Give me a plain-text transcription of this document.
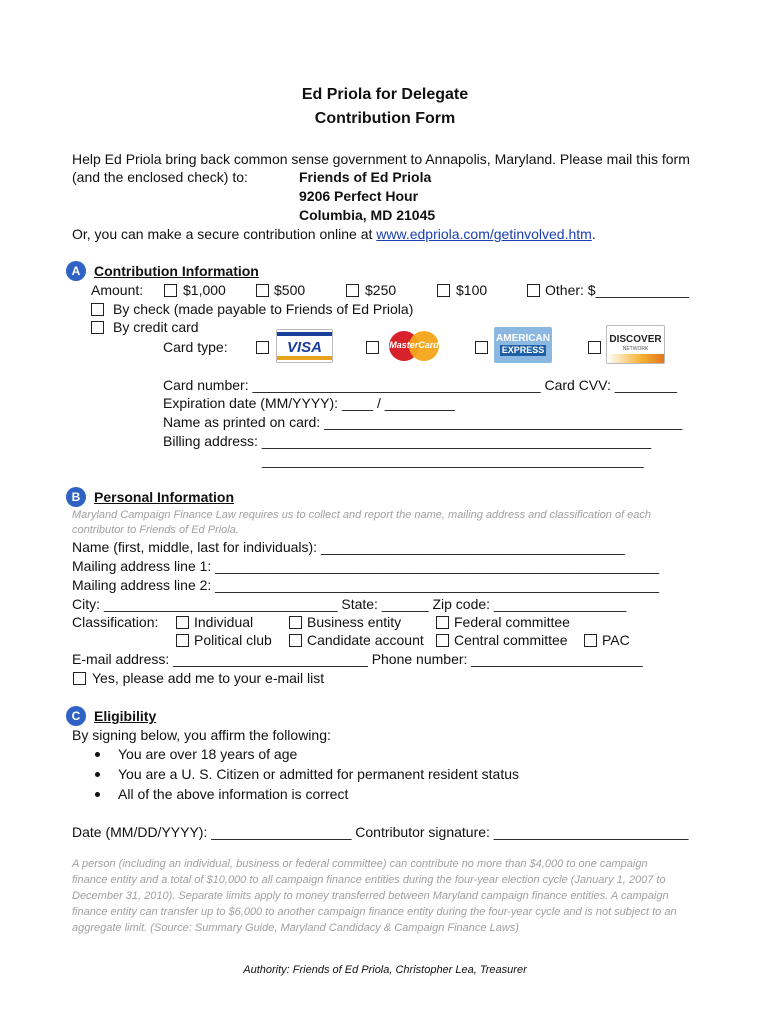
Ed Priola for Delegate
Contribution Form
Help Ed Priola bring back common sense government to Annapolis, Maryland. Please mail this form
(and the enclosed check) to:	Friends of Ed Priola
9206 Perfect Hour
Columbia, MD 21045
Or, you can make a secure contribution online at www.edpriola.com/getinvolved.htm.
A Contribution Information
Amount:	$1,000	$500	$250	$100	Other: $____________
By check (made payable to Friends of Ed Priola)
By credit card
Card type:	VISA	MasterCard
AMERICAN
EXPRESS
DISCOVER
NETWORK
Card number: _____________________________________ Card CVV: ________
Expiration date (MM/YYYY): ____ / _________
Name as printed on card: ______________________________________________
Billing address: __________________________________________________
_________________________________________________
B Personal Information
Maryland Campaign Finance Law requires us to collect and report the name, mailing address and classification of each
contributor to Friends of Ed Priola.
Name (first, middle, last for individuals): _______________________________________
Mailing address line 1: _________________________________________________________
Mailing address line 2: _________________________________________________________
City: ______________________________ State: ______ Zip code: _________________
Classification:	Individual	Business entity	Federal committee
Political club	Candidate account Central committee PAC
E-mail address: _________________________ Phone number: ______________________
Yes, please add me to your e-mail list
C Eligibility
By signing below, you affirm the following:
You are over 18 years of age
You are a U. S. Citizen or admitted for permanent resident status
All of the above information is correct
Date (MM/DD/YYYY): __________________ Contributor signature: _________________________
A person (including an individual, business or federal committee) can contribute no more than $4,000 to one campaign
finance entity and a total of $10,000 to all campaign finance entities during the four-year election cycle (January 1, 2007 to
December 31, 2010). Separate limits apply to money transferred between Maryland campaign finance entities. A campaign
finance entity can transfer up to $6,000 to another campaign finance entity during the four-year cycle and is not subject to an
aggregate limit. (Source: Summary Guide, Maryland Candidacy & Campaign Finance Laws)
Authority: Friends of Ed Priola, Christopher Lea, Treasurer
